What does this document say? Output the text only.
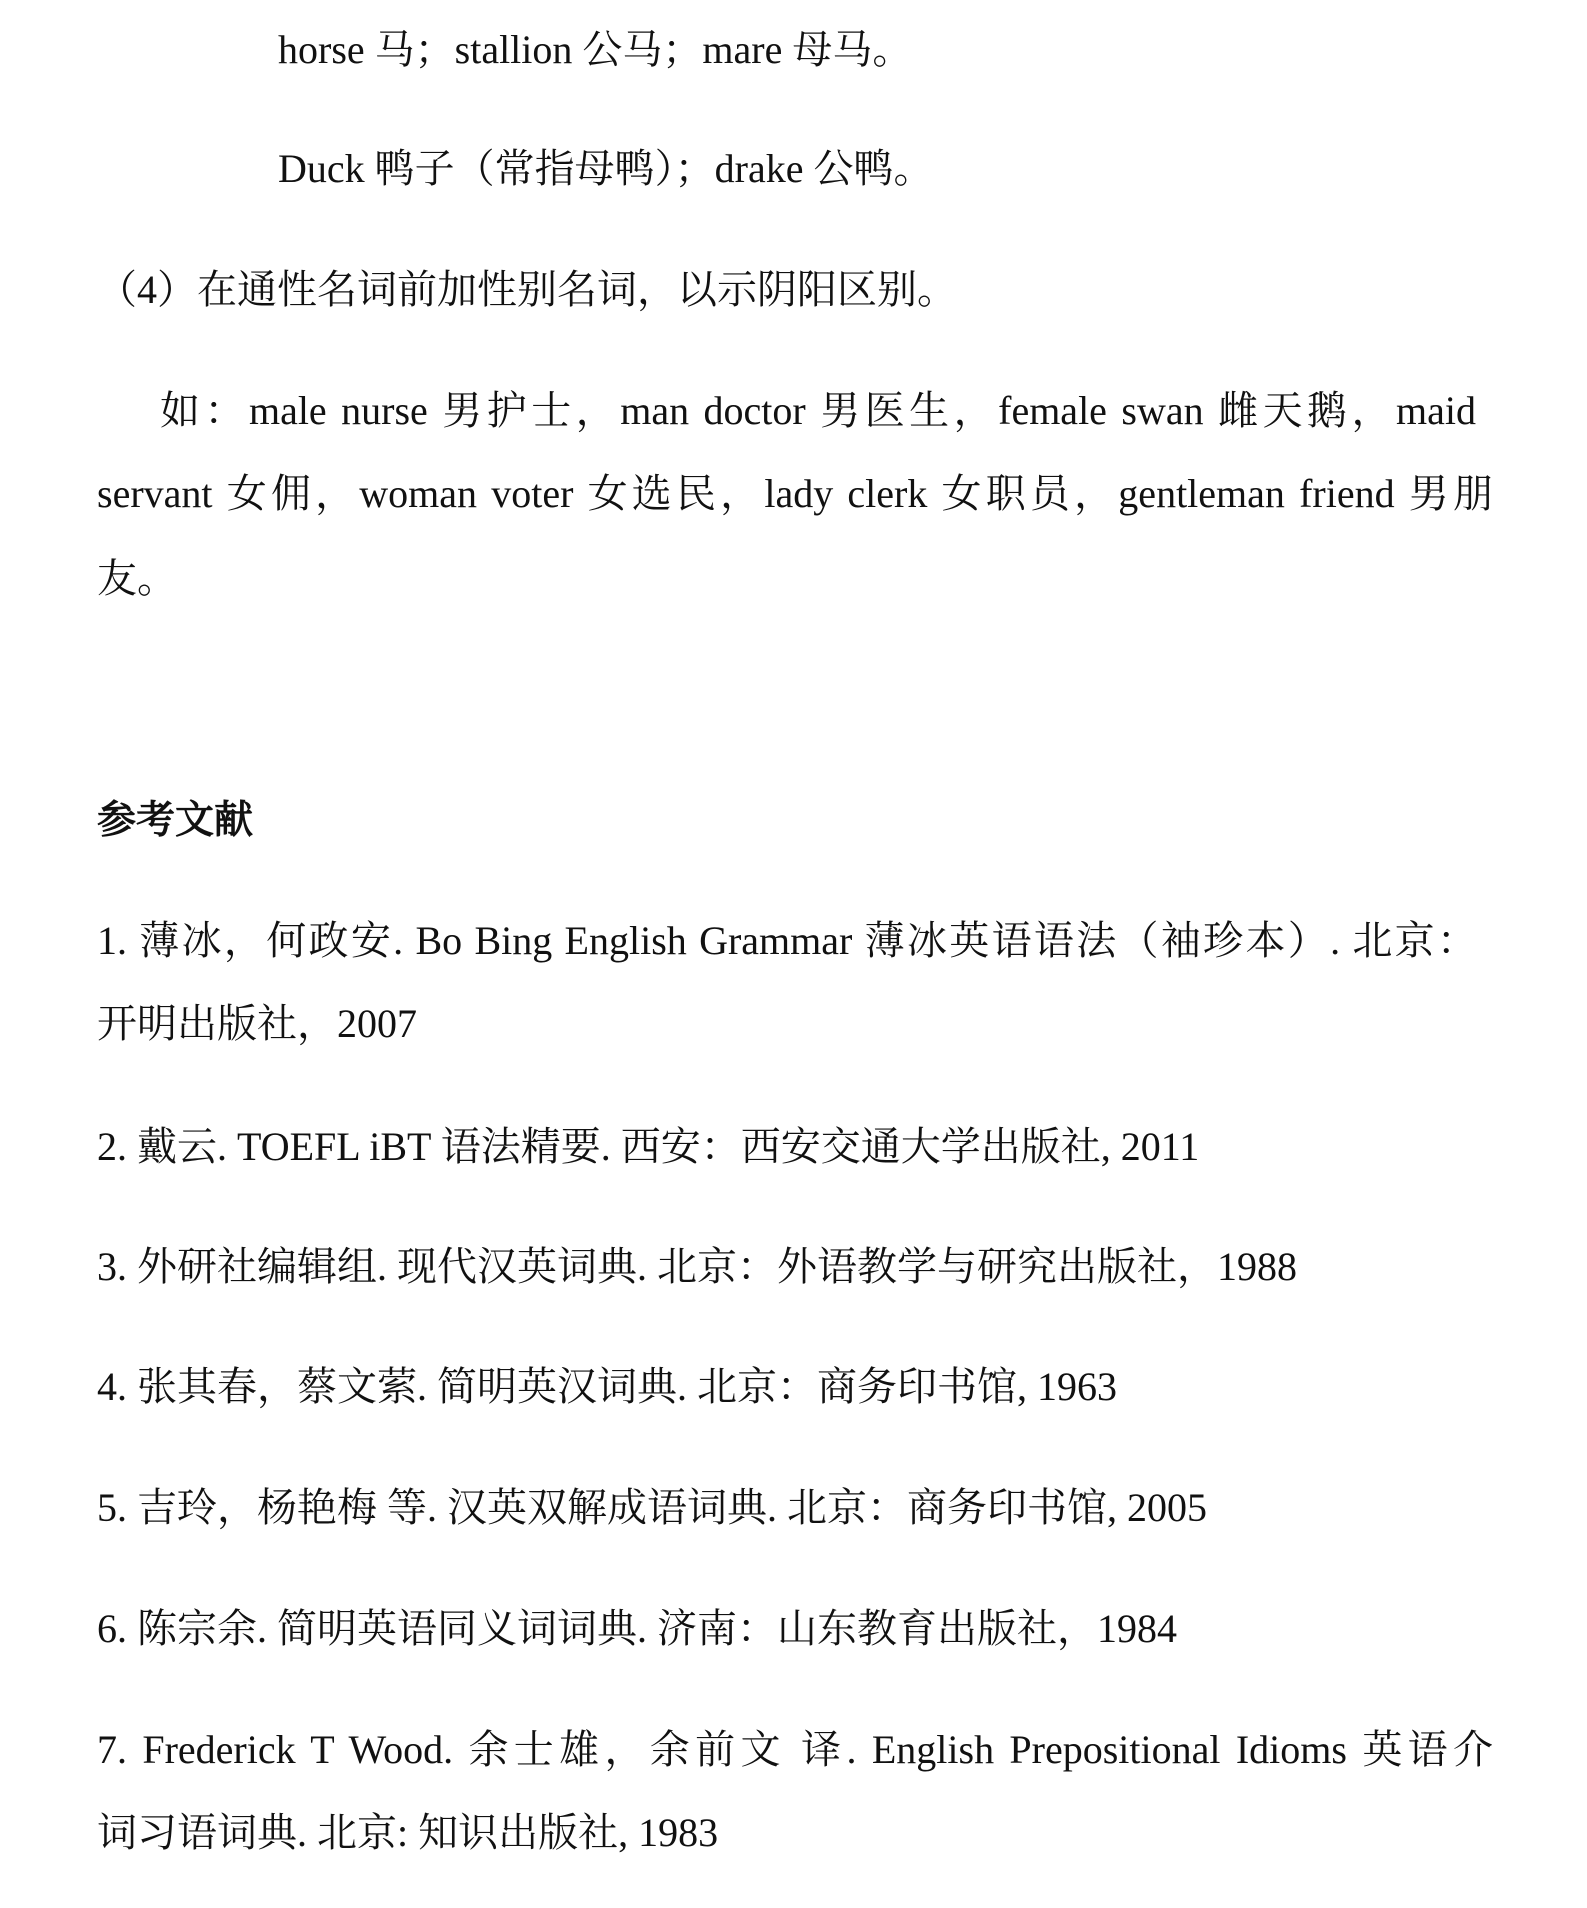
horse 马；stallion 公马；mare 母马。

Duck 鸭子（常指母鸭）；drake 公鸭。

（4）在通性名词前加性别名词，以示阴阳区别。

如：male nurse 男护士，man doctor 男医生，female swan 雌天鹅，maid

servant 女佣，woman voter 女选民，lady clerk 女职员，gentleman friend 男朋

友。

参考文献

1. 薄冰，何政安. Bo Bing English Grammar 薄冰英语语法（袖珍本）. 北京：

开明出版社，2007

2. 戴云. TOEFL iBT 语法精要. 西安：西安交通大学出版社, 2011

3. 外研社编辑组. 现代汉英词典. 北京：外语教学与研究出版社，1988

4. 张其春，蔡文萦. 简明英汉词典. 北京：商务印书馆, 1963

5. 吉玲，杨艳梅 等. 汉英双解成语词典. 北京：商务印书馆, 2005

6. 陈宗余. 简明英语同义词词典. 济南：山东教育出版社，1984

7. Frederick T Wood. 余士雄，余前文 译. English Prepositional Idioms 英语介

词习语词典. 北京: 知识出版社, 1983
